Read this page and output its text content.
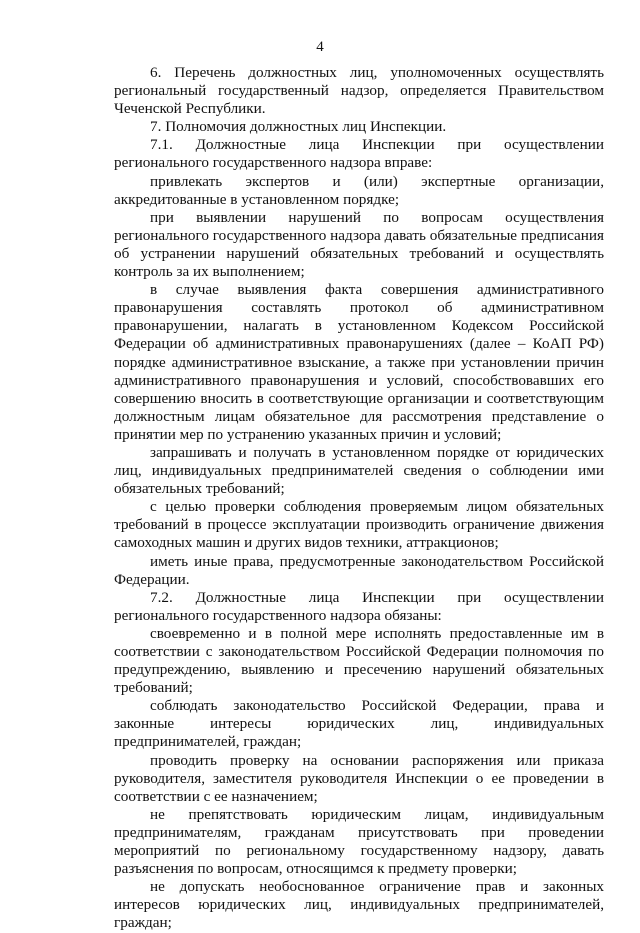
4

6. Перечень должностных лиц, уполномоченных осуществлять региональный государственный надзор, определяется Правительством Чеченской Республики.

7. Полномочия должностных лиц Инспекции.

7.1. Должностные лица Инспекции при осуществлении регионального государственного надзора вправе:

привлекать экспертов и (или) экспертные организации, аккредитованные в установленном порядке;

при выявлении нарушений по вопросам осуществления регионального государственного надзора давать обязательные предписания об устранении нарушений обязательных требований и осуществлять контроль за их выполнением;

в случае выявления факта совершения административного правонарушения составлять протокол об административном правонарушении, налагать в установленном Кодексом Российской Федерации об административных правонарушениях (далее – КоАП РФ) порядке административное взыскание, а также при установлении причин административного правонарушения и условий, способствовавших его совершению вносить в соответствующие организации и соответствующим должностным лицам обязательное для рассмотрения представление о принятии мер по устранению указанных причин и условий;

запрашивать и получать в установленном порядке от юридических лиц, индивидуальных предпринимателей сведения о соблюдении ими обязательных требований;

с целью проверки соблюдения проверяемым лицом обязательных требований в процессе эксплуатации производить ограничение движения самоходных машин и других видов техники, аттракционов;

иметь иные права, предусмотренные законодательством Российской Федерации.

7.2. Должностные лица Инспекции при осуществлении регионального государственного надзора обязаны:

своевременно и в полной мере исполнять предоставленные им в соответствии с законодательством Российской Федерации полномочия по предупреждению, выявлению и пресечению нарушений обязательных требований;

соблюдать законодательство Российской Федерации, права и законные интересы юридических лиц, индивидуальных предпринимателей, граждан;

проводить проверку на основании распоряжения или приказа руководителя, заместителя руководителя Инспекции о ее проведении в соответствии с ее назначением;

не препятствовать юридическим лицам, индивидуальным предпринимателям, гражданам присутствовать при проведении мероприятий по региональному государственному надзору, давать разъяснения по вопросам, относящимся к предмету проверки;

не допускать необоснованное ограничение прав и законных интересов юридических лиц, индивидуальных предпринимателей, граждан;
